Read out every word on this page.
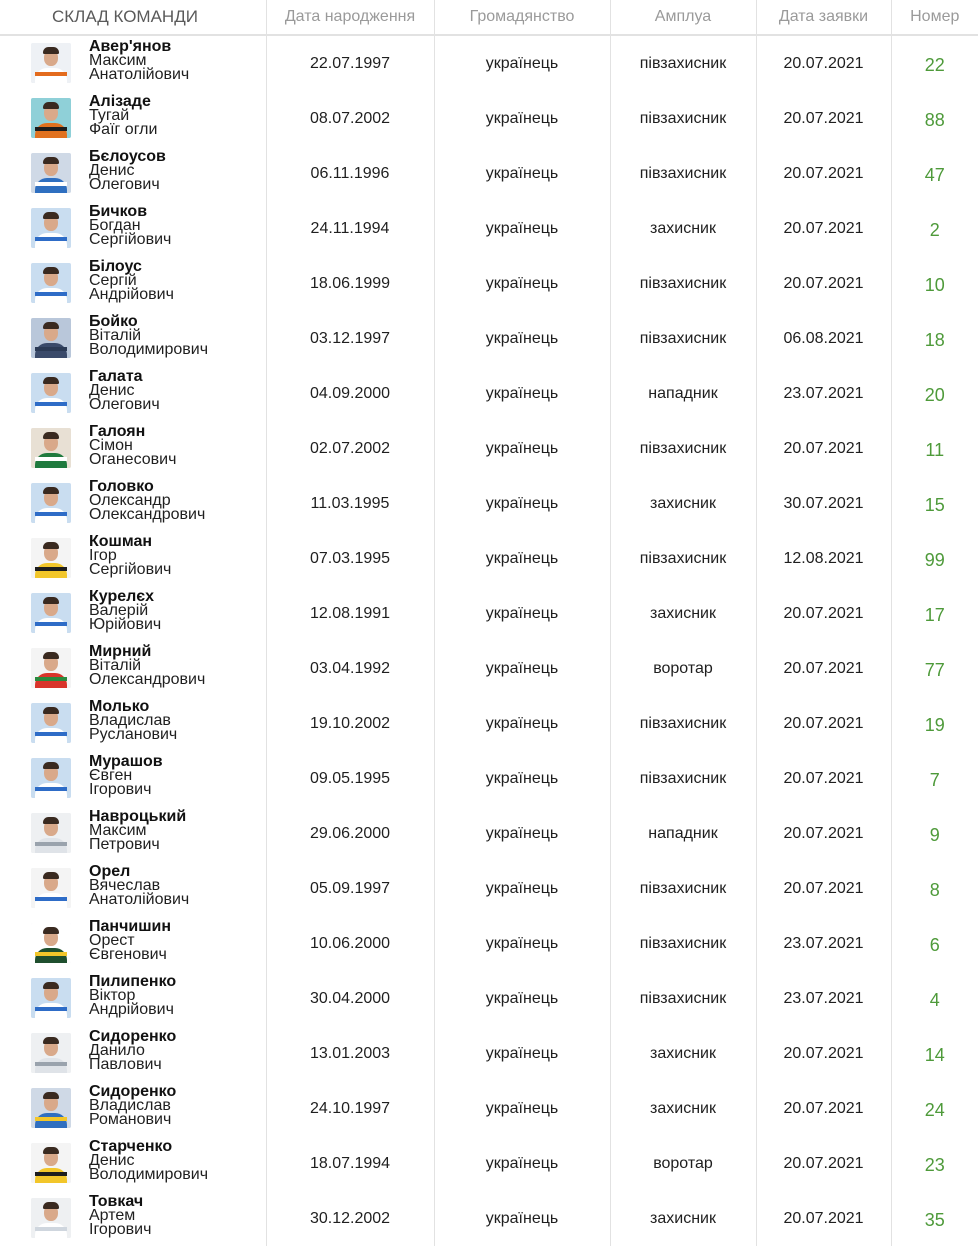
СКЛАД КОМАНДИ	Дата народження	Громадянство	Амплуа	Дата заявки	Номер

Авер'янов
Максим
Анатолійович	22.07.1997	українець	півзахисник	20.07.2021	22

Алізаде
Тугай
Фаїг огли	08.07.2002	українець	півзахисник	20.07.2021	88

Бєлоусов
Денис
Олегович	06.11.1996	українець	півзахисник	20.07.2021	47

Бичков
Богдан
Сергійович	24.11.1994	українець	захисник	20.07.2021	2

Білоус
Сергій
Андрійович	18.06.1999	українець	півзахисник	20.07.2021	10

Бойко
Віталій
Володимирович	03.12.1997	українець	півзахисник	06.08.2021	18

Галата
Денис
Олегович	04.09.2000	українець	нападник	23.07.2021	20

Галоян
Сімон
Оганесович	02.07.2002	українець	півзахисник	20.07.2021	11

Головко
Олександр
Олександрович	11.03.1995	українець	захисник	30.07.2021	15

Кошман
Ігор
Сергійович	07.03.1995	українець	півзахисник	12.08.2021	99

Курелєх
Валерій
Юрійович	12.08.1991	українець	захисник	20.07.2021	17

Мирний
Віталій
Олександрович	03.04.1992	українець	воротар	20.07.2021	77

Молько
Владислав
Русланович	19.10.2002	українець	півзахисник	20.07.2021	19

Мурашов
Євген
Ігорович	09.05.1995	українець	півзахисник	20.07.2021	7

Навроцький
Максим
Петрович	29.06.2000	українець	нападник	20.07.2021	9

Орел
Вячеслав
Анатолійович	05.09.1997	українець	півзахисник	20.07.2021	8

Панчишин
Орест
Євгенович	10.06.2000	українець	півзахисник	23.07.2021	6

Пилипенко
Віктор
Андрійович	30.04.2000	українець	півзахисник	23.07.2021	4

Сидоренко
Данило
Павлович	13.01.2003	українець	захисник	20.07.2021	14

Сидоренко
Владислав
Романович	24.10.1997	українець	захисник	20.07.2021	24

Старченко
Денис
Володимирович	18.07.1994	українець	воротар	20.07.2021	23

Товкач
Артем
Ігорович	30.12.2002	українець	захисник	20.07.2021	35
